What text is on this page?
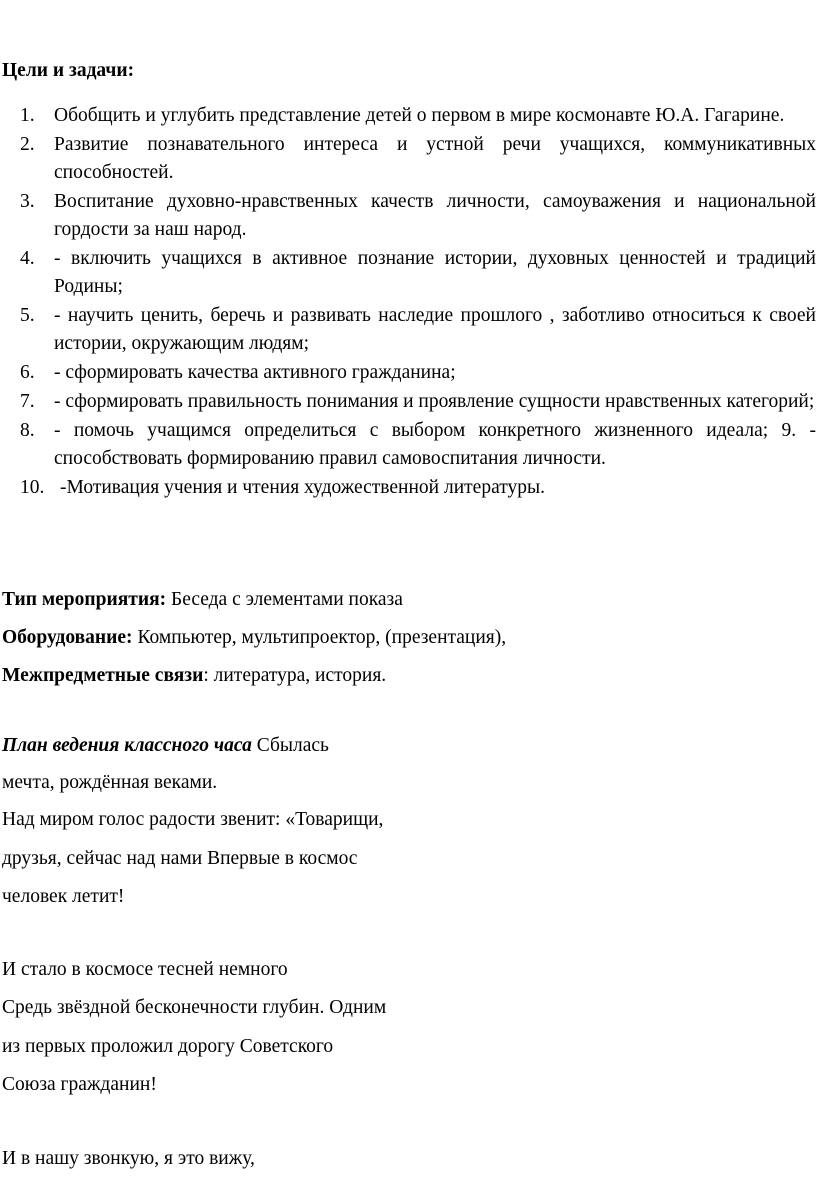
Цели и задачи:
1. Обобщить и углубить представление детей о первом в мире космонавте Ю.А. Гагарине.
2. Развитие познавательного интереса и устной речи учащихся, коммуникативных способностей.
3. Воспитание духовно-нравственных качеств личности, самоуважения и национальной гордости за наш народ.
4. - включить учащихся в активное познание истории, духовных ценностей и традиций Родины;
5. - научить ценить, беречь и развивать наследие прошлого , заботливо относиться к своей истории, окружающим людям;
6. - сформировать качества активного гражданина;
7. - сформировать правильность понимания и проявление сущности нравственных категорий;
8. - помочь учащимся определиться с выбором конкретного жизненного идеала; 9. - способствовать формированию правил самовоспитания личности.
10. -Мотивация учения и чтения художественной литературы.
Тип мероприятия: Беседа с элементами показа
Оборудование: Компьютер, мультипроектор, (презентация),
Межпредметные связи: литература, история.
План ведения классного часа Сбылась
мечта, рождённая веками.
Над миром голос радости звенит: «Товарищи,
друзья, сейчас над нами Впервые в космос
человек летит!
И стало в космосе тесней немного
Средь звёздной бесконечности глубин. Одним
из первых проложил дорогу Советского
Союза гражданин!
И в нашу звонкую, я это вижу,
